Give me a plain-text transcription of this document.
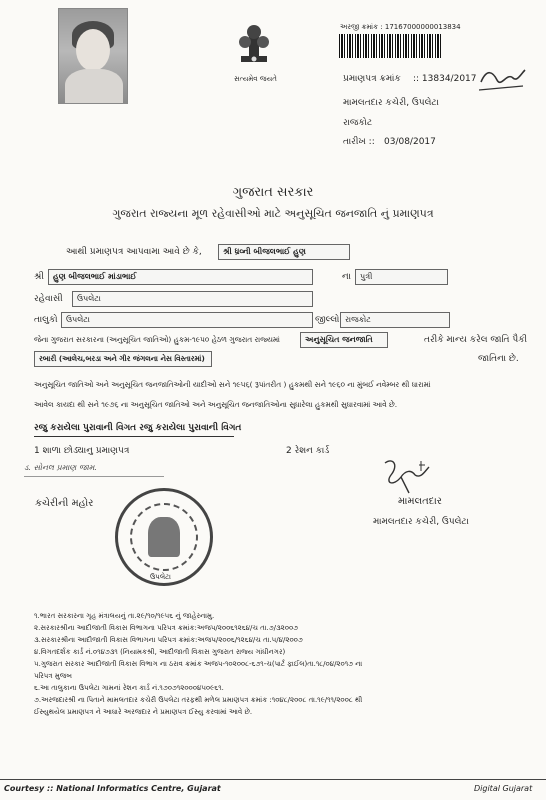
સત્યમેવ જયતે
અરજી ક્રમાંક : 17167000000013834
પ્રમાણપત્ર ક્રમાંક :: 13834/2017
મામલતદાર કચેરી, ઉપલેટા
રાજકોટ
તારીખ :: 03/08/2017
ગુજરાત સરકાર
ગુજરાત રાજ્યના મૂળ રહેવાસીઓ માટે અનુસૂચિત જનજાતિ નું પ્રમાણપત્ર
આથી પ્રમાણપત્ર આપવામા આવે છે કે,	શ્રી ધ્રવ્ની બીજલભાઈ હુણ
શ્રી	હુણ બીજલભાઈ માંડાભાઈ	ના	પુત્રી
રહેવાસી	ઉપલેટા
તાલુકો	ઉપલેટા	જીલ્લો રાજકોટ
જેના ગુજરાત સરકારના (અનુસૂચિત જાતિઓ) હુકમ-૧૯૫૦ હેઠળ ગુજરાત રાજ્યમાં	અનુસૂચિત જનજાતિ	તરીકે માન્ય કરેલ જાતિ પૈકી
રબારી (આલેચ,બરડા અને ગીર જંગલના નેસ વિસ્તારમાં)	જાતિના છે.
અનુસૂચિત જાતિઓ અને અનુસૂચિત જનજાતિઓની યાદીઓ સને ૧૯૫૬( રૂપાંતરીત ) હુકમથી સને ૧૯૬૦ ના મુંબઈ નવેમ્બર થી ધારામાં
આવેલ કાયદા થી સને ૧૯૭૬ ના અનુસૂચિત જાતિઓ અને અનુસૂચિત જનજાતિઓના સુધારેલા હુકમથી સુધારવામાં આવે છે.
રજુ કરાયેલા પુરાવાની વિગત રજુ કરાયેલા પુરાવાની વિગત
1 શાળા છોડ્યાનુ પ્રમાણપત્ર	2 રેશન કાર્ડ
ડ. સોનલ પ્રમાણ જામ.
કચેરીની મહોર	મામલતદાર
મામલતદાર કચેરી, ઉપલેટા
ઉપલેટા
૧.ભારત સરકારના ગૃહ મંત્રાલયનું તા.૨૯/૧૦/૧૯૫૬ નું જાહેરનામુ.
૨.સરકારશ્રીના આદીજાતી વિકાસ વિભાગના પરિપત્ર ક્રમાંક:અજપ/૨૦૦૬૧૨૬૪/ચ તા.૭/૩૨૦૦૭
૩.સરકારશ્રીના આદીજાતી વિકાસ વિભાગના પરિપત્ર ક્રમાંક:અજપ/૨૦૦૬/૧૨૬૪/ચ તા.૫/૪/૨૦૦૭
૪.વિગતદર્શક કાર્ડ નં.૦૧૪૭૩૧ (નિયામકશ્રી, આદીજાતી વિકાસ ગુજરાત રાજ્ય ગાંધીનગર)
૫.ગુજરાત સરકાર આદીજાતી વિકાસ વિભાગ ના ઠરાવ ક્રમાંક અજપ-૧૦૨૦૦૮-૬૭૧-ચ(પાર્ટ ફાઈલ)તા.૧૮/૦૪/૨૦૧૭ ના
પરિપત્ર મુજબ
૬.આ તાલુકાના ઉપલેટા ગામનાં રેશન કાર્ડ નં.૧૭૦૭૧૨૦૦૦૪૫૦૯૬૧.
૭.અરજદારશ્રી ના પિતાને મામલતદાર કચેરી ઉપલેટા તરફથી મળેલ પ્રમાણપત્ર ક્રમાંક :૧૦૪૮/૨૦૦૮ તા.૧૯/૧૧/૨૦૦૮ થી
ઈસ્યુથયેલ પ્રમાણપત્ર ને આધારે અરજદાર ને પ્રમાણપત્ર ઈસ્યુ કરવામાં આવે છે.
Courtesy :: National Informatics Centre, Gujarat	Digital Gujarat
